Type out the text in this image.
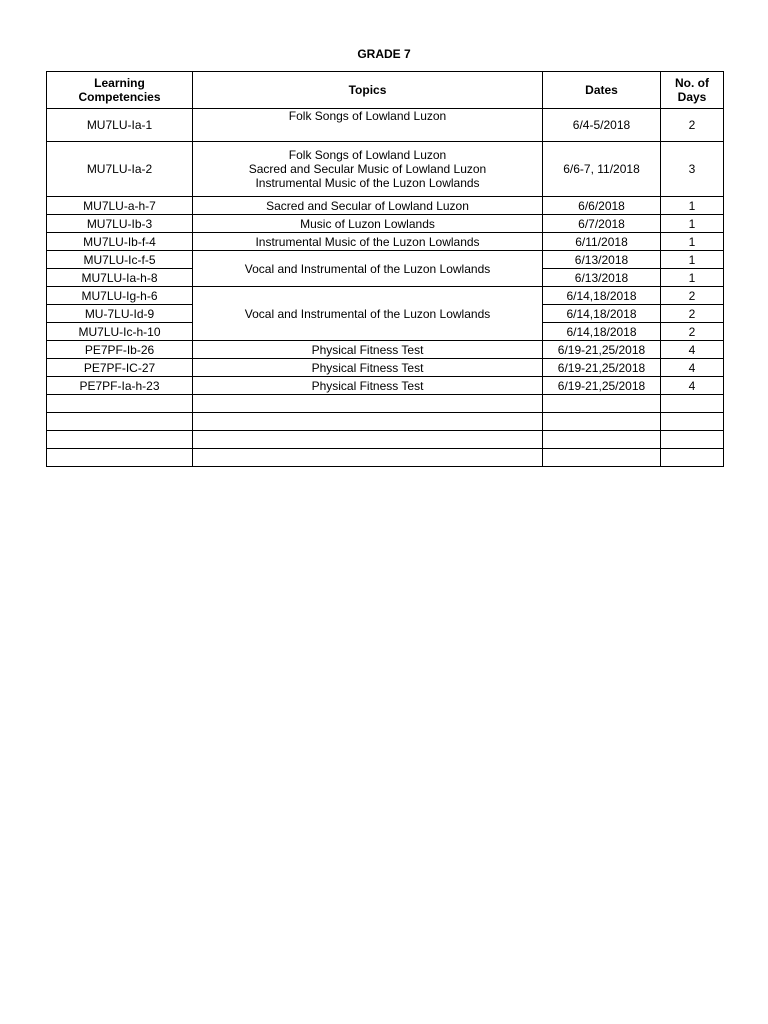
GRADE 7
Learning
Competencies	Topics	Dates	No. of
Days

MU7LU-Ia-1	Folk Songs of Lowland Luzon	6/4-5/2018	2
MU7LU-Ia-2	Folk Songs of Lowland Luzon
Sacred and Secular Music of Lowland Luzon
Instrumental Music of the Luzon Lowlands	6/6-7, 11/2018	3
MU7LU-a-h-7	Sacred and Secular of Lowland Luzon	6/6/2018	1
MU7LU-Ib-3	Music of Luzon Lowlands	6/7/2018	1
MU7LU-Ib-f-4	Instrumental Music of the Luzon Lowlands	6/11/2018	1
MU7LU-Ic-f-5	Vocal and Instrumental of the Luzon Lowlands	6/13/2018	1
MU7LU-Ia-h-8		6/13/2018	1
MU7LU-Ig-h-6	Vocal and Instrumental of the Luzon Lowlands	6/14,18/2018	2
MU-7LU-Id-9		6/14,18/2018	2
MU7LU-Ic-h-10		6/14,18/2018	2
PE7PF-Ib-26	Physical Fitness Test	6/19-21,25/2018	4
PE7PF-IC-27	Physical Fitness Test	6/19-21,25/2018	4
PE7PF-Ia-h-23	Physical Fitness Test	6/19-21,25/2018	4
